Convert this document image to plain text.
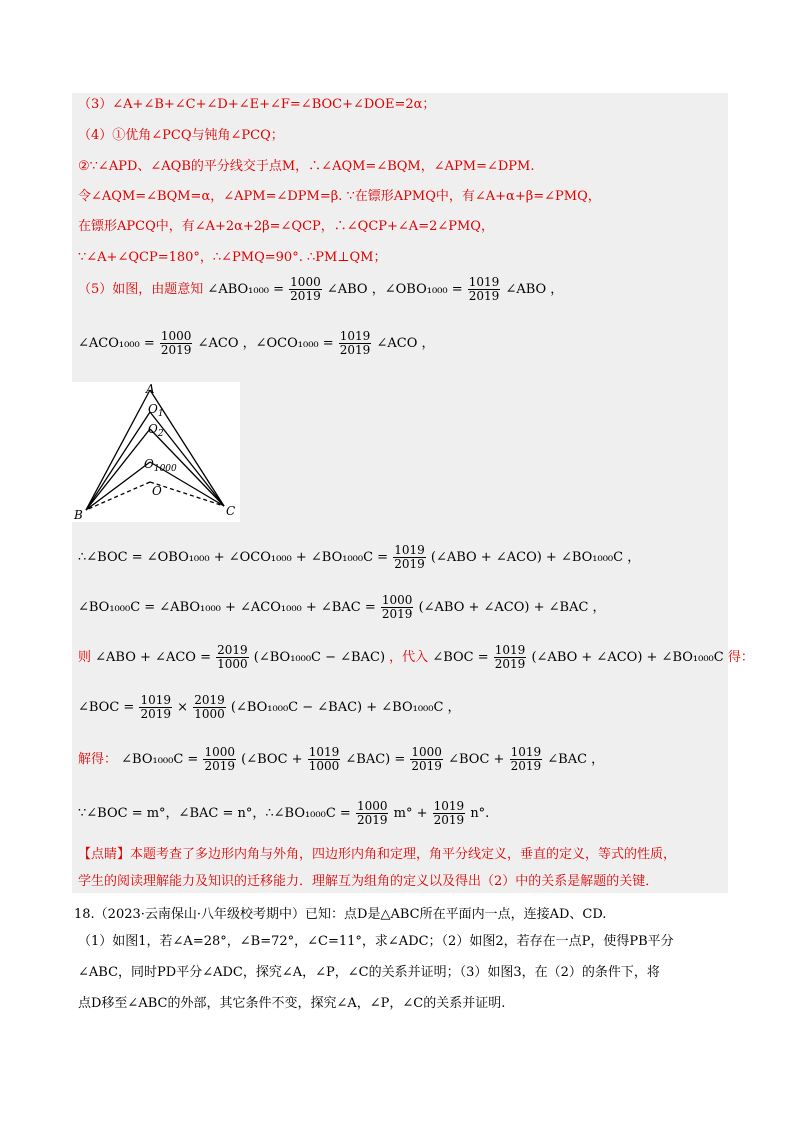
（3）∠A+∠B+∠C+∠D+∠E+∠F=∠BOC+∠DOE=2α；
（4）①优角∠PCQ与钝角∠PCQ；
②∵∠APD、∠AQB的平分线交于点M，∴∠AQM=∠BQM，∠APM=∠DPM.
令∠AQM=∠BQM=α，∠APM=∠DPM=β. ∵在镖形APMQ中，有∠A+α+β=∠PMQ，
在镖形APCQ中，有∠A+2α+2β=∠QCP，∴∠QCP+∠A=2∠PMQ，
∵∠A+∠QCP=180°，∴∠PMQ=90°. ∴PM⊥QM；
（5）如图，由题意知 ∠ABO₁₀₀₀ = $\frac{1000}{2019}$ ∠ABO ，∠OBO₁₀₀₀ = $\frac{1019}{2019}$ ∠ABO ，
∠ACO₁₀₀₀ = $\frac{1000}{2019}$ ∠ACO ，∠OCO₁₀₀₀ = $\frac{1019}{2019}$ ∠ACO ，
A
B	C
$O_1$
$O_2$
$O_{1000}$
O
∴∠BOC = ∠OBO₁₀₀₀ + ∠OCO₁₀₀₀ + ∠BO₁₀₀₀C = $\frac{1019}{2019}$ (∠ABO + ∠ACO) + ∠BO₁₀₀₀C ，
∠BO₁₀₀₀C = ∠ABO₁₀₀₀ + ∠ACO₁₀₀₀ + ∠BAC = $\frac{1000}{2019}$ (∠ABO + ∠ACO) + ∠BAC ，
则 ∠ABO + ∠ACO = $\frac{2019}{1000}$ (∠BO₁₀₀₀C − ∠BAC) ，代入 ∠BOC = $\frac{1019}{2019}$ (∠ABO + ∠ACO) + ∠BO₁₀₀₀C 得：
∠BOC = $\frac{1019}{2019} \times \frac{2019}{1000}$ (∠BO₁₀₀₀C − ∠BAC) + ∠BO₁₀₀₀C ，
解得： ∠BO₁₀₀₀C = $\frac{1000}{2019}$ (∠BOC + $\frac{1019}{1000}$ ∠BAC) = $\frac{1000}{2019}$ ∠BOC + $\frac{1019}{2019}$ ∠BAC ，
∵∠BOC = m°，∠BAC = n°，∴∠BO₁₀₀₀C = $\frac{1000}{2019} m^\circ + \frac{1019}{2019} n^\circ$.
【点睛】本题考查了多边形内角与外角，四边形内角和定理，角平分线定义，垂直的定义，等式的性质，
学生的阅读理解能力及知识的迁移能力．理解互为组角的定义以及得出（2）中的关系是解题的关键．
18.（2023·云南保山·八年级校考期中）已知：点D是△ABC所在平面内一点，连接AD、CD.
（1）如图1，若∠A=28°，∠B=72°，∠C=11°，求∠ADC；（2）如图2，若存在一点P，使得PB平分
∠ABC，同时PD平分∠ADC，探究∠A，∠P，∠C的关系并证明；（3）如图3，在（2）的条件下，将
点D移至∠ABC的外部，其它条件不变，探究∠A，∠P，∠C的关系并证明.
